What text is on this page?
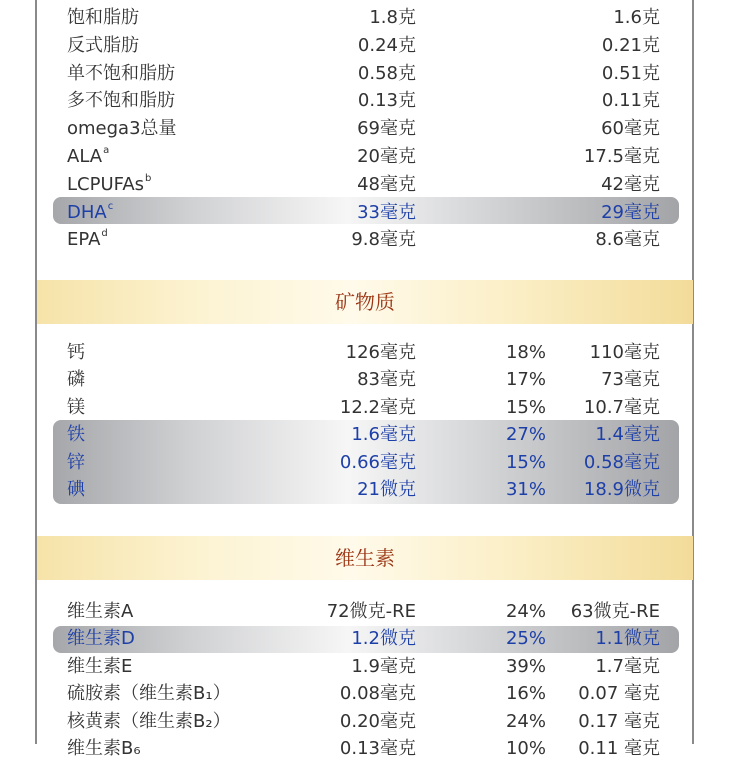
矿物质
维生素
饱和脂肪	1.8克	1.6克
反式脂肪	0.24克	0.21克
单不饱和脂肪	0.58克	0.51克
多不饱和脂肪	0.13克	0.11克
omega3总量	69毫克	60毫克
ALA$^a$	20毫克	17.5毫克
LCPUFAs$^b$	48毫克	42毫克
DHA$^c$	33毫克	29毫克
EPA$^d$	9.8毫克	8.6毫克
钙	126毫克	18% 110毫克
磷	83毫克	17%	73毫克
镁	12.2毫克	15% 10.7毫克
铁	1.6毫克	27%	1.4毫克
锌	0.66毫克	15% 0.58毫克
碘	21微克	31% 18.9微克
维生素A	72微克-RE	24% 63微克-RE
维生素D	1.2微克	25%	1.1微克
维生素E	1.9毫克	39%	1.7毫克
硫胺素（维生素B₁）	0.08毫克	16% 0.07 毫克
核黄素（维生素B₂）	0.20毫克	24% 0.17 毫克
维生素B₆	0.13毫克	10% 0.11 毫克
